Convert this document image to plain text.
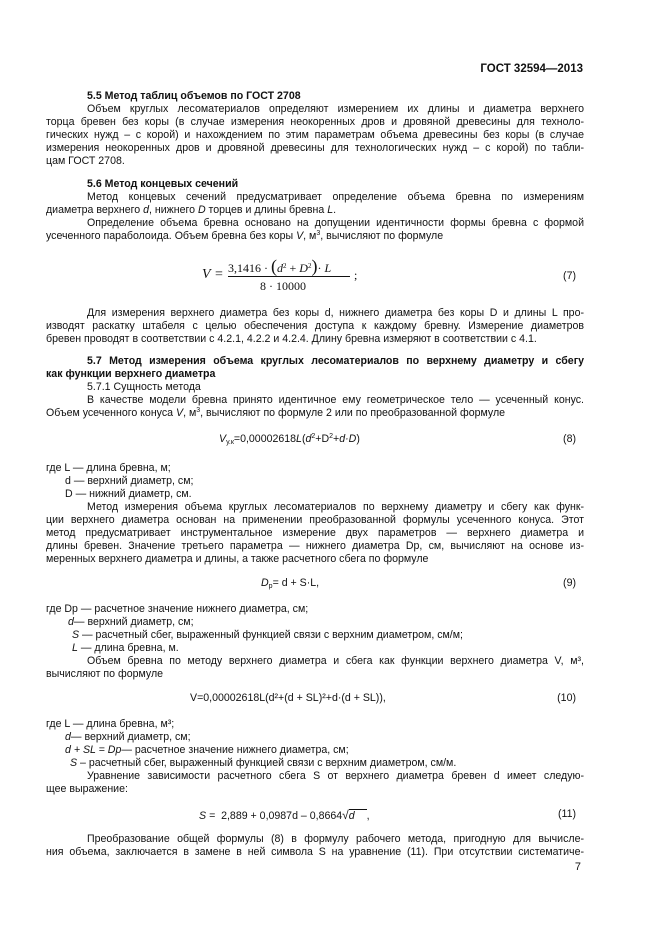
ГОСТ 32594—2013
5.5 Метод таблиц объемов по ГОСТ 2708
Объем круглых лесоматериалов определяют измерением их длины и диаметра верхнего
торца бревен без коры (в случае измерения неокоренных дров и дровяной древесины для техноло-
гических нужд – с корой) и нахождением по этим параметрам объема древесины без коры (в случае
измерения неокоренных дров и дровяной древесины для технологических нужд – с корой) по табли-
цам ГОСТ 2708.
5.6 Метод концевых сечений
Метод концевых сечений предусматривает определение объема бревна по измерениям
диаметра верхнего d, нижнего D торцев и длины бревна L.
Определение объема бревна основано на допущении идентичности формы бревна с формой
усеченного параболоида. Объем бревна без коры V, $м^3$, вычисляют по формуле
$V = 3,1416 \cdot (d^2 + D^2)\cdot L$
8 · 10000
;	(7)
Для измерения верхнего диаметра без коры d, нижнего диаметра без коры D и длины L про-
изводят раскатку штабеля с целью обеспечения доступа к каждому бревну. Измерение диаметров
бревен проводят в соответствии с 4.2.1, 4.2.2 и 4.2.4. Длину бревна измеряют в соответствии с 4.1.
5.7 Метод измерения объема круглых лесоматериалов по верхнему диаметру и сбегу
как функции верхнего диаметра
5.7.1 Сущность метода
В качестве модели бревна принято идентичное ему геометрическое тело — усеченный конус.
Объем усеченного конуса V, $м^3$, вычисляют по формуле 2 или по преобразованной формуле
$V_{у.к}=0,00002618L(d^2+D^2+d\cdot D)$	(8)
где L — длина бревна, м;
d — верхний диаметр, см;
D — нижний диаметр, см.
Метод измерения объема круглых лесоматериалов по верхнему диаметру и сбегу как функ-
ции верхнего диаметра основан на применении преобразованной формулы усеченного конуса. Этот
метод предусматривает инструментальное измерение двух параметров — верхнего диаметра и
длины бревен. Значение третьего параметра — нижнего диаметра Dp, см, вычисляют на основе из-
меренных верхнего диаметра и длины, а также расчетного сбега по формуле
$D_p= d + S\cdot L$,	(9)
где Dp — расчетное значение нижнего диаметра, см;
d— верхний диаметр, см;
S — расчетный сбег, выраженный функцией связи с верхним диаметром, см/м;
L — длина бревна, м.
Объем бревна по методу верхнего диаметра и сбега как функции верхнего диаметра V, м³,
вычисляют по формуле
V=0,00002618L(d²+(d + SL)²+d·(d + SL)),	(10)
где L — длина бревна, м³;
d— верхний диаметр, см;
d + SL = Dp— расчетное значение нижнего диаметра, см;
S – расчетный сбег, выраженный функцией связи с верхним диаметром, см/м.
Уравнение зависимости расчетного сбега S от верхнего диаметра бревен d имеет следую-
щее выражение:
S = 2,889 + 0,0987d – 0,8664√d ,	(11)
Преобразование общей формулы (8) в формулу рабочего метода, пригодную для вычисле-
ния объема, заключается в замене в ней символа S на уравнение (11). При отсутствии систематиче-
7
